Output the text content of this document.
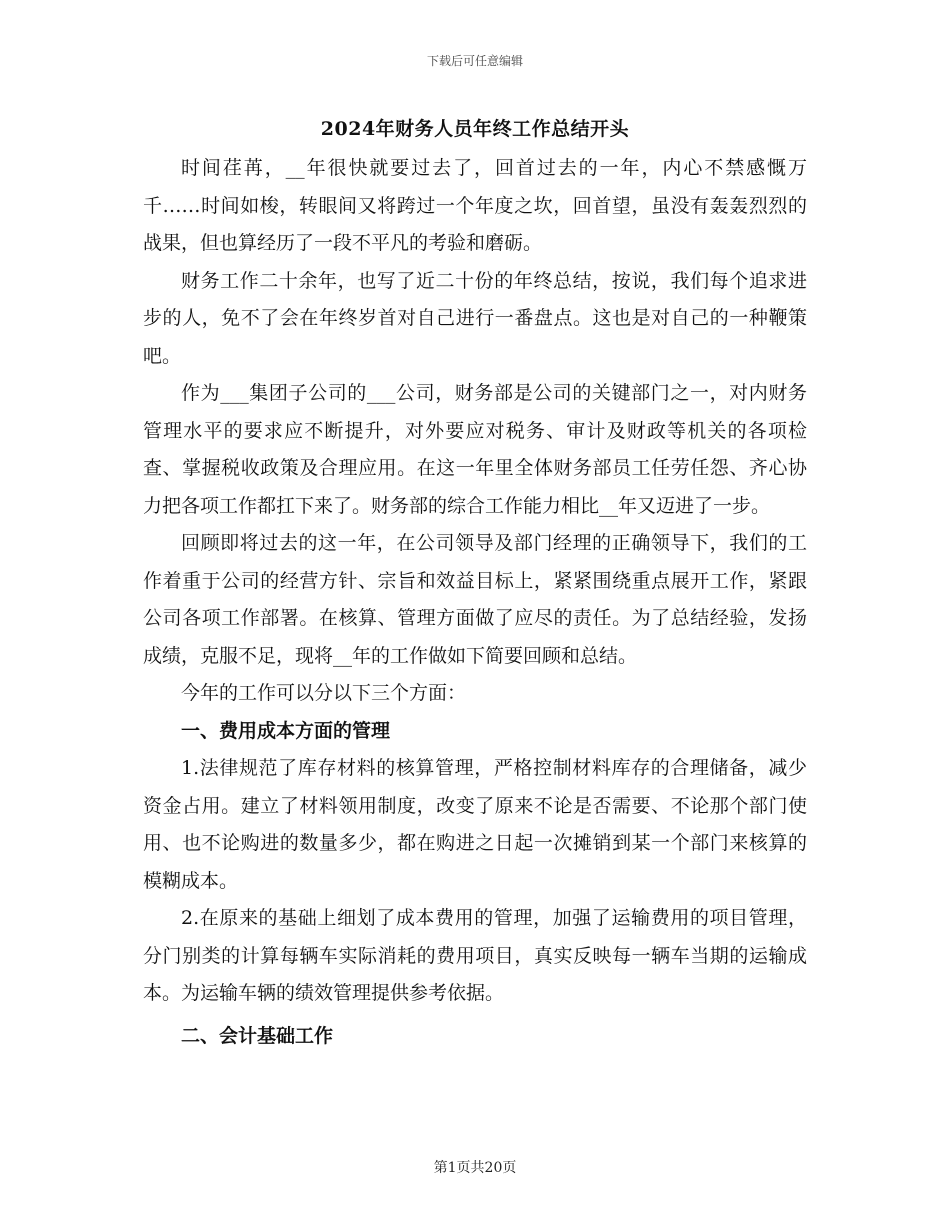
下载后可任意编辑
2024年财务人员年终工作总结开头

时间荏苒，__年很快就要过去了，回首过去的一年，内心不禁感慨万千……时间如梭，转眼间又将跨过一个年度之坎，回首望，虽没有轰轰烈烈的战果，但也算经历了一段不平凡的考验和磨砺。

财务工作二十余年，也写了近二十份的年终总结，按说，我们每个追求进步的人，免不了会在年终岁首对自己进行一番盘点。这也是对自己的一种鞭策吧。

作为___集团子公司的___公司，财务部是公司的关键部门之一，对内财务管理水平的要求应不断提升，对外要应对税务、审计及财政等机关的各项检查、掌握税收政策及合理应用。在这一年里全体财务部员工任劳任怨、齐心协力把各项工作都扛下来了。财务部的综合工作能力相比__年又迈进了一步。

回顾即将过去的这一年，在公司领导及部门经理的正确领导下，我们的工作着重于公司的经营方针、宗旨和效益目标上，紧紧围绕重点展开工作，紧跟公司各项工作部署。在核算、管理方面做了应尽的责任。为了总结经验，发扬成绩，克服不足，现将__年的工作做如下简要回顾和总结。

今年的工作可以分以下三个方面：

一、费用成本方面的管理

1.法律规范了库存材料的核算管理，严格控制材料库存的合理储备，减少资金占用。建立了材料领用制度，改变了原来不论是否需要、不论那个部门使用、也不论购进的数量多少，都在购进之日起一次摊销到某一个部门来核算的模糊成本。

2.在原来的基础上细划了成本费用的管理，加强了运输费用的项目管理，分门别类的计算每辆车实际消耗的费用项目，真实反映每一辆车当期的运输成本。为运输车辆的绩效管理提供参考依据。

二、会计基础工作

第1页共20页
